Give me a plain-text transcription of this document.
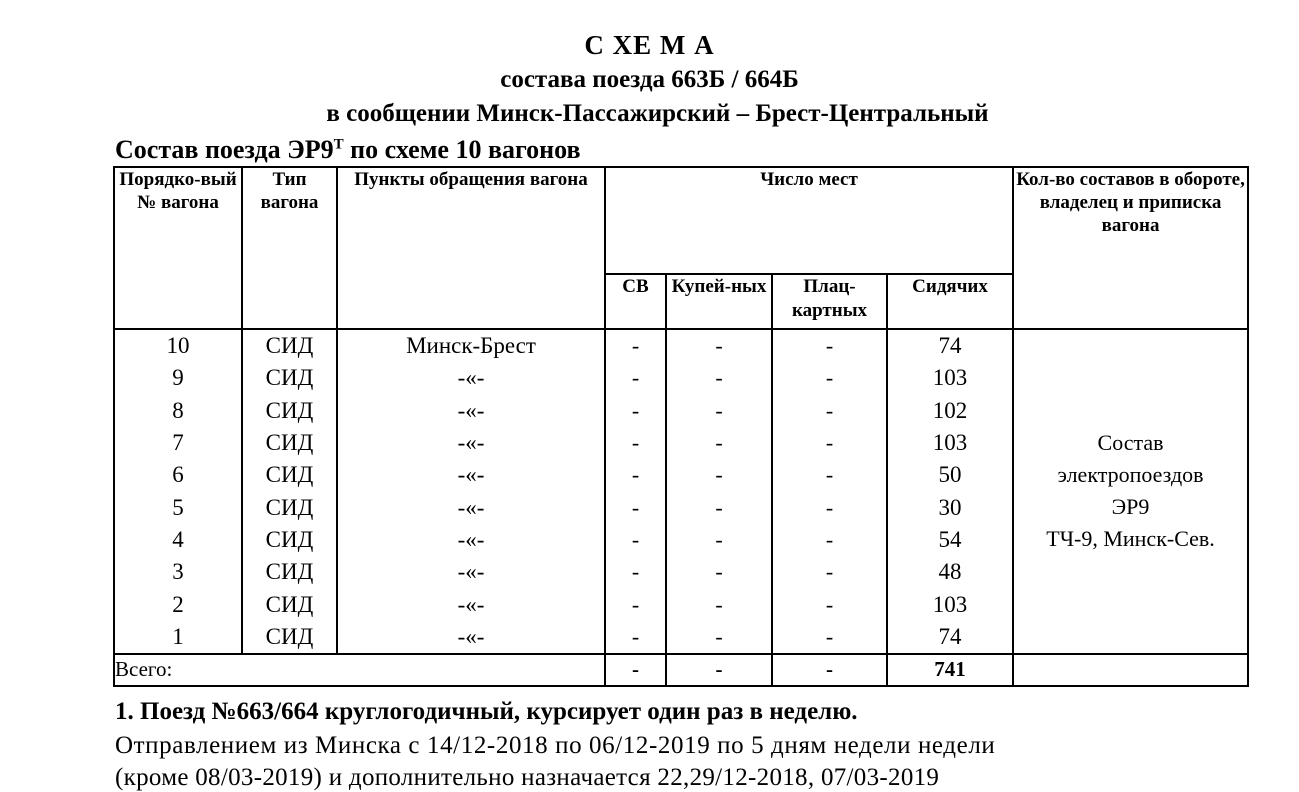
С ХЕ М А
состава поезда 663Б / 664Б
в сообщении Минск-Пассажирский – Брест-Центральный
Состав поезда $ЭР9^Т$ по схеме 10 вагонов
Порядко-вый № вагона	Тип вагона	Пункты обращения вагона	Число мест				Кол-во составов в обороте, владелец и приписка вагона
			СВ	Купей-ных	Плац-картных	Сидячих	
10	СИД	Минск-Брест	-	-	-	74	Состав
электропоездов
ЭР9
ТЧ-9, Минск-Сев.

9	СИД	-«-	-	-	-	103	
8	СИД	-«-	-	-	-	102	
7	СИД	-«-	-	-	-	103	
6	СИД	-«-	-	-	-	50	
5	СИД	-«-	-	-	-	30	
4	СИД	-«-	-	-	-	54	
3	СИД	-«-	-	-	-	48	
2	СИД	-«-	-	-	-	103	
1	СИД	-«-	-	-	-	74	
Всего:			-	-	-	741	
1. Поезд №663/664 круглогодичный, курсирует один раз в неделю.
Отправлением из Минска с 14/12-2018 по 06/12-2019 по 5 дням недели недели
(кроме 08/03-2019) и дополнительно назначается 22,29/12-2018, 07/03-2019
